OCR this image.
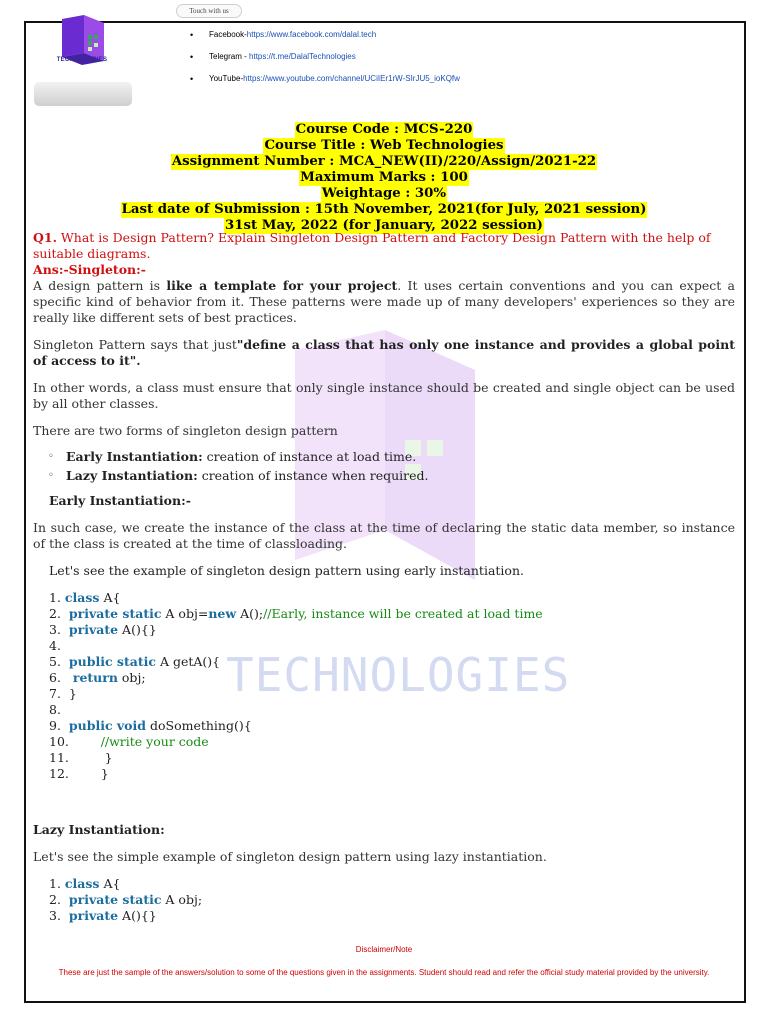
Touch with us
TECHNOLOGIES
• Facebook-https://www.facebook.com/dalal.tech
• Telegram - https://t.me/DalalTechnologies
• YouTube-https://www.youtube.com/channel/UCiIEr1rW-SIrJU5_ioKQfw
TECHNOLOGIES
Course Code : MCS-220
Course Title : Web Technologies
Assignment Number : MCA_NEW(II)/220/Assign/2021-22
Maximum Marks : 100
Weightage : 30%
Last date of Submission : 15th November, 2021(for July, 2021 session)
31st May, 2022 (for January, 2022 session)
Q1. What is Design Pattern? Explain Singleton Design Pattern and Factory Design Pattern with the help of suitable diagrams.
Ans:-Singleton:-
A design pattern is like a template for your project. It uses certain conventions and you can expect a specific kind of behavior from it. These patterns were made up of many developers' experiences so they are really like different sets of best practices.
Singleton Pattern says that just"define a class that has only one instance and provides a global point of access to it".
In other words, a class must ensure that only single instance should be created and single object can be used by all other classes.
There are two forms of singleton design pattern
◦ Early Instantiation: creation of instance at load time.
◦ Lazy Instantiation: creation of instance when required.
Early Instantiation:-
In such case, we create the instance of the class at the time of declaring the static data member, so instance of the class is created at the time of classloading.
Let's see the example of singleton design pattern using early instantiation.
1. class A{
2. private static A obj=new A();//Early, instance will be created at load time
3. private A(){}
4.
5. public static A getA(){
6. return obj;
7. }
8.
9. public void doSomething(){
10.	//write your code
11.	}
12.	}
Lazy Instantiation:
Let's see the simple example of singleton design pattern using lazy instantiation.
1. class A{
2. private static A obj;
3. private A(){}
Disclaimer/Note
These are just the sample of the answers/solution to some of the questions given in the assignments. Student should read and refer the official study material provided by the university.
